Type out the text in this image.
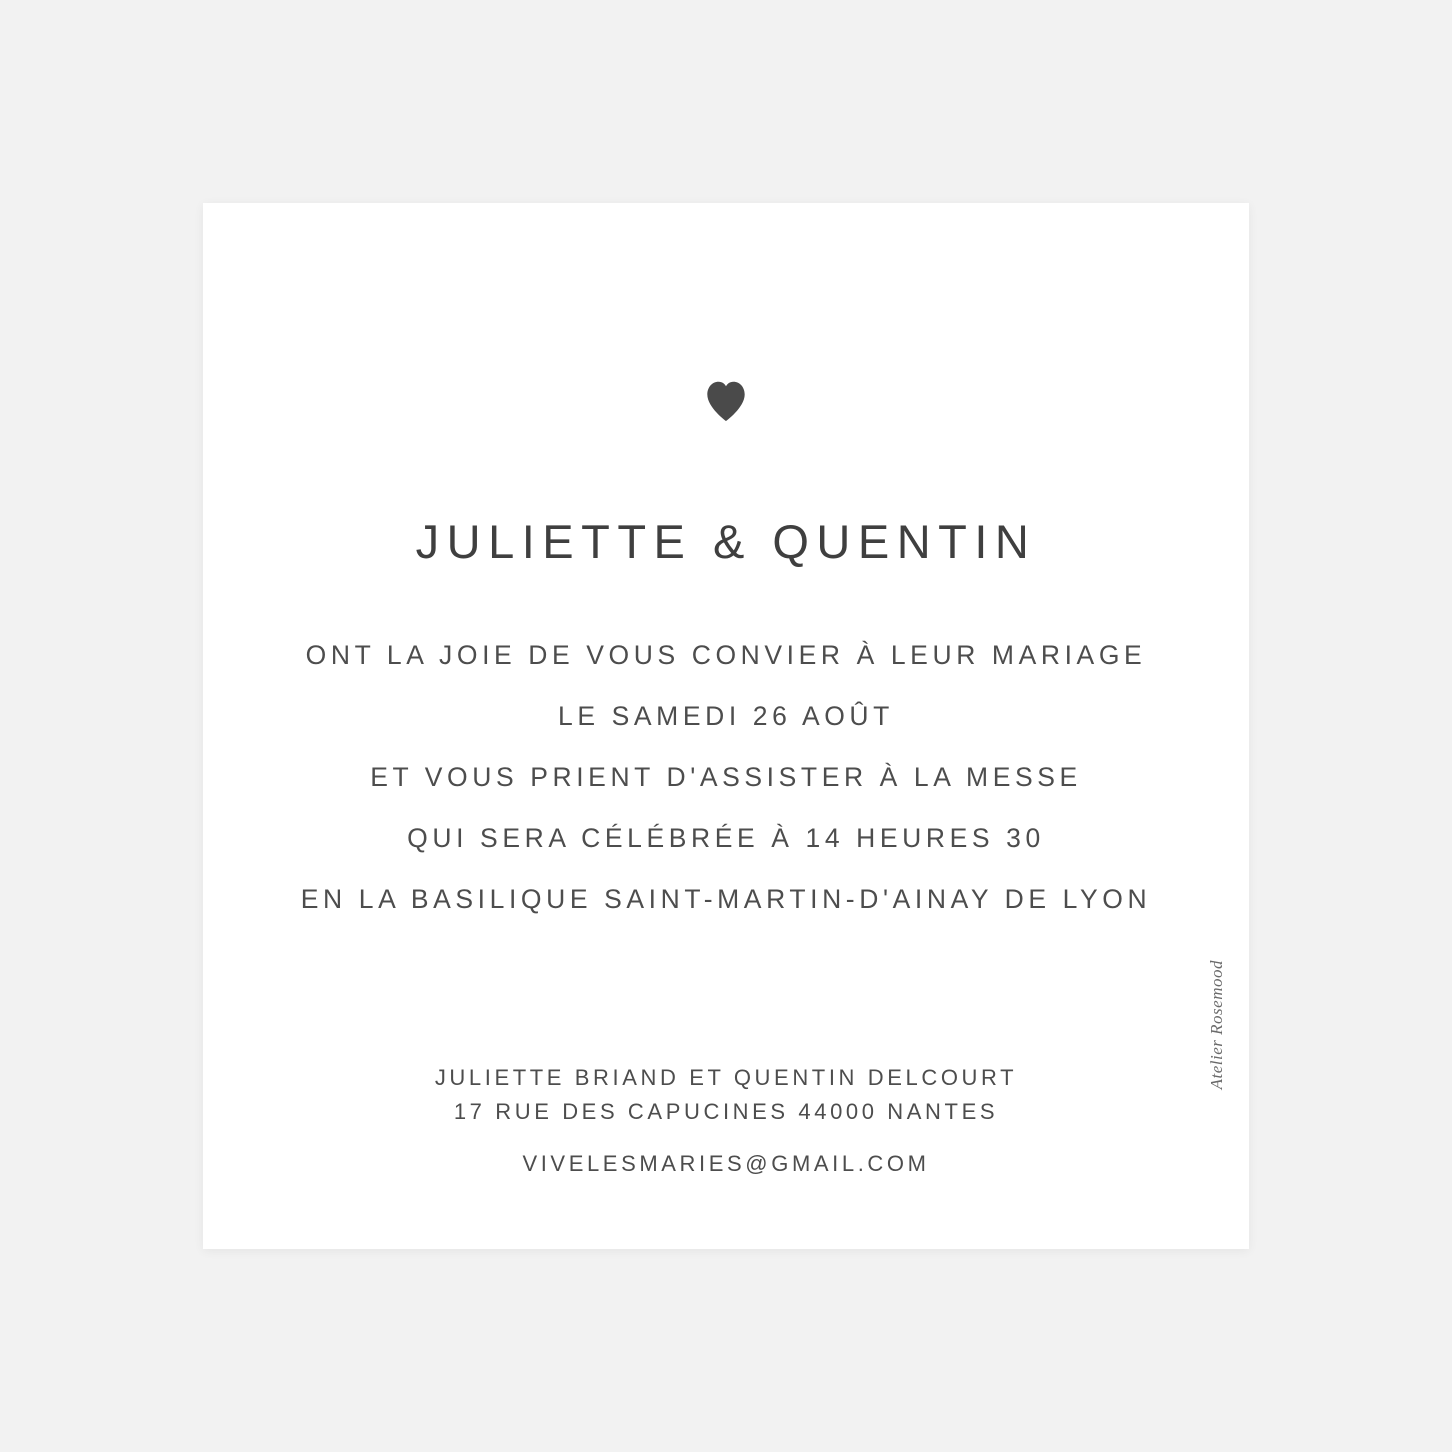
JULIETTE & QUENTIN
ONT LA JOIE DE VOUS CONVIER À LEUR MARIAGE
LE SAMEDI 26 AOÛT
ET VOUS PRIENT D'ASSISTER À LA MESSE
QUI SERA CÉLÉBRÉE À 14 HEURES 30
EN LA BASILIQUE SAINT-MARTIN-D'AINAY DE LYON
JULIETTE BRIAND ET QUENTIN DELCOURT
17 RUE DES CAPUCINES 44000 NANTES
VIVELESMARIES@GMAIL.COM
Atelier Rosemood
